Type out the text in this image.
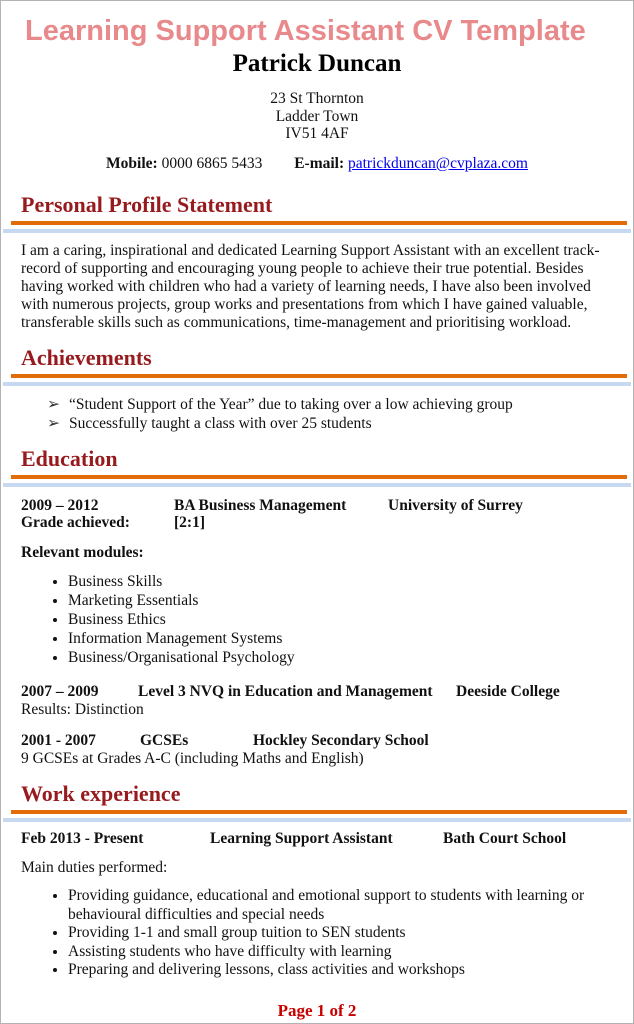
Learning Support Assistant CV Template
Patrick Duncan
23 St Thornton
Ladder Town
IV51 4AF
Mobile: 0000 6865 5433 E-mail: patrickduncan@cvplaza.com
Personal Profile Statement
I am a caring, inspirational and dedicated Learning Support Assistant with an excellent track-record of supporting and encouraging young people to achieve their true potential. Besides having worked with children who had a variety of learning needs, I have also been involved with numerous projects, group works and presentations from which I have gained valuable, transferable skills such as communications, time-management and prioritising workload.
Achievements
➢ “Student Support of the Year” due to taking over a low achieving group
➢ Successfully taught a class with over 25 students
Education
2009 – 2012	BA Business Management	University of Surrey
Grade achieved:	[2:1]
Relevant modules:
• Business Skills
• Marketing Essentials
• Business Ethics
• Information Management Systems
• Business/Organisational Psychology
2007 – 2009	Level 3 NVQ in Education and Management	Deeside College
Results: Distinction
2001 - 2007	GCSEs	Hockley Secondary School
9 GCSEs at Grades A-C (including Maths and English)
Work experience
Feb 2013 - Present	Learning Support Assistant	Bath Court School
Main duties performed:
• Providing guidance, educational and emotional support to students with learning or behavioural difficulties and special needs
• Providing 1-1 and small group tuition to SEN students
• Assisting students who have difficulty with learning
• Preparing and delivering lessons, class activities and workshops
Page 1 of 2
